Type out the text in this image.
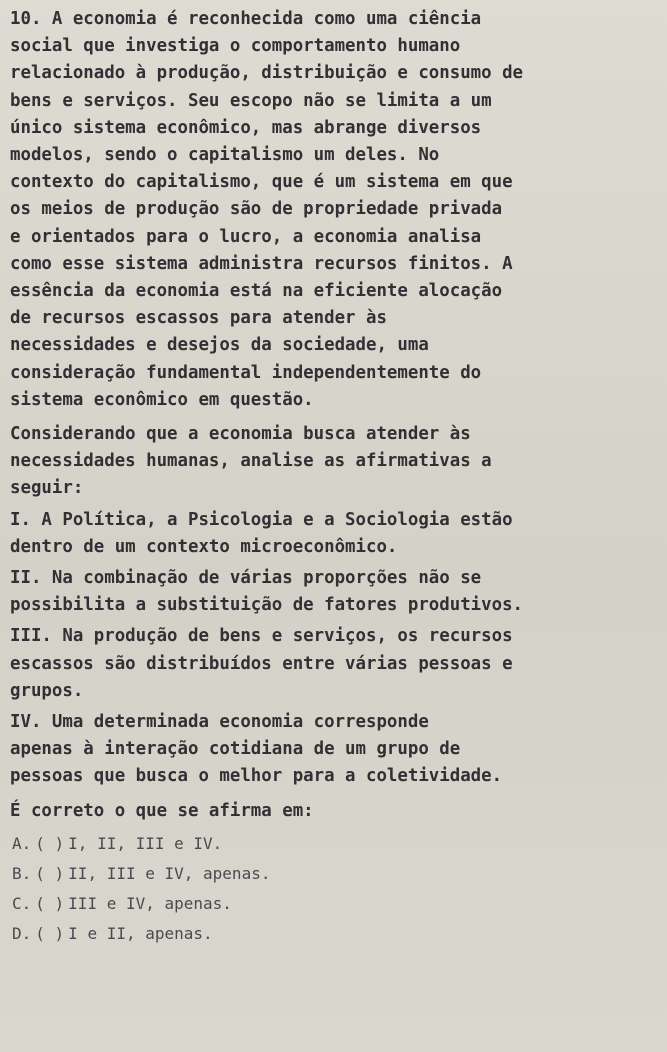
10. A economia é reconhecida como uma ciência
social que investiga o comportamento humano
relacionado à produção, distribuição e consumo de
bens e serviços. Seu escopo não se limita a um
único sistema econômico, mas abrange diversos
modelos, sendo o capitalismo um deles. No
contexto do capitalismo, que é um sistema em que
os meios de produção são de propriedade privada
e orientados para o lucro, a economia analisa
como esse sistema administra recursos finitos. A
essência da economia está na eficiente alocação
de recursos escassos para atender às
necessidades e desejos da sociedade, uma
consideração fundamental independentemente do
sistema econômico em questão.
Considerando que a economia busca atender às
necessidades humanas, analise as afirmativas a
seguir:
I. A Política, a Psicologia e a Sociologia estão
dentro de um contexto microeconômico.
II. Na combinação de várias proporções não se
possibilita a substituição de fatores produtivos.
III. Na produção de bens e serviços, os recursos
escassos são distribuídos entre várias pessoas e
grupos.
IV. Uma determinada economia corresponde
apenas à interação cotidiana de um grupo de
pessoas que busca o melhor para a coletividade.
É correto o que se afirma em:
A. ( ) I, II, III e IV.
B. ( ) II, III e IV, apenas.
C. ( ) III e IV, apenas.
D. ( ) I e II, apenas.
